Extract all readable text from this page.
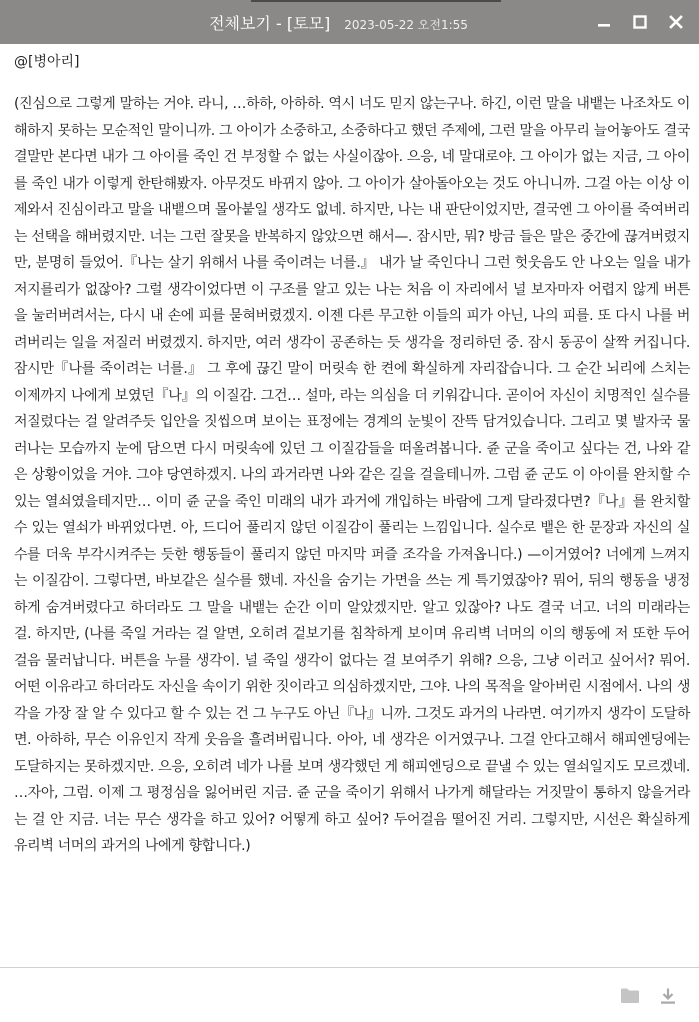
전체보기 - [토모] 2023-05-22 오전1:55

@[병아리]

(진심으로 그렇게 말하는 거야. 라니, …하하, 아하하. 역시 너도 믿지 않는구나. 하긴, 이런 말을 내뱉는 나조차도 이해하지 못하는 모순적인 말이니까. 그 아이가 소중하고, 소중하다고 했던 주제에, 그런 말을 아무리 늘어놓아도 결국 결말만 본다면 내가 그 아이를 죽인 건 부정할 수 없는 사실이잖아. 으응, 네 말대로야. 그 아이가 없는 지금, 그 아이를 죽인 내가 이렇게 한탄해봤자. 아무것도 바뀌지 않아. 그 아이가 살아돌아오는 것도 아니니까. 그걸 아는 이상 이제와서 진심이라고 말을 내뱉으며 몰아붙일 생각도 없네. 하지만, 나는 내 판단이었지만, 결국엔 그 아이를 죽여버리는 선택을 해버렸지만. 너는 그런 잘못을 반복하지 않았으면 해서—. 잠시만, 뭐? 방금 들은 말은 중간에 끊겨버렸지만, 분명히 들었어.『나는 살기 위해서 나를 죽이려는 너를.』 내가 날 죽인다니 그런 헛웃음도 안 나오는 일을 내가 저지를리가 없잖아? 그럴 생각이었다면 이 구조를 알고 있는 나는 처음 이 자리에서 널 보자마자 어렵지 않게 버튼을 눌러버려서는, 다시 내 손에 피를 묻혀버렸겠지. 이젠 다른 무고한 이들의 피가 아닌, 나의 피를. 또 다시 나를 버려버리는 일을 저질러 버렸겠지. 하지만, 여러 생각이 공존하는 듯 생각을 정리하던 중. 잠시 동공이 살짝 커집니다. 잠시만『나를 죽이려는 너를.』 그 후에 끊긴 말이 머릿속 한 켠에 확실하게 자리잡습니다. 그 순간 뇌리에 스치는 이제까지 나에게 보였던『나』의 이질감. 그건… 설마, 라는 의심을 더 키워갑니다. 곧이어 자신이 치명적인 실수를 저질렀다는 걸 알려주듯 입안을 짓씹으며 보이는 표정에는 경계의 눈빛이 잔뜩 담겨있습니다. 그리고 몇 발자국 물러나는 모습까지 눈에 담으면 다시 머릿속에 있던 그 이질감들을 떠올려봅니다. 쥰 군을 죽이고 싶다는 건, 나와 같은 상황이었을 거야. 그야 당연하겠지. 나의 과거라면 나와 같은 길을 걸을테니까. 그럼 쥰 군도 이 아이를 완치할 수 있는 열쇠였을테지만… 이미 쥰 군을 죽인 미래의 내가 과거에 개입하는 바람에 그게 달라졌다면?『나』를 완치할 수 있는 열쇠가 바뀌었다면. 아, 드디어 풀리지 않던 이질감이 풀리는 느낌입니다. 실수로 뱉은 한 문장과 자신의 실수를 더욱 부각시켜주는 듯한 행동들이 풀리지 않던 마지막 퍼즐 조각을 가져옵니다.) —이거였어? 너에게 느껴지는 이질감이. 그렇다면, 바보같은 실수를 했네. 자신을 숨기는 가면을 쓰는 게 특기였잖아? 뭐어, 뒤의 행동을 냉정하게 숨겨버렸다고 하더라도 그 말을 내뱉는 순간 이미 알았겠지만. 알고 있잖아? 나도 결국 너고. 너의 미래라는 걸. 하지만, (나를 죽일 거라는 걸 알면, 오히려 겉보기를 침착하게 보이며 유리벽 너머의 이의 행동에 저 또한 두어걸음 물러납니다. 버튼을 누를 생각이. 널 죽일 생각이 없다는 걸 보여주기 위해? 으응, 그냥 이러고 싶어서? 뭐어. 어떤 이유라고 하더라도 자신을 속이기 위한 짓이라고 의심하겠지만, 그야. 나의 목적을 알아버린 시점에서. 나의 생각을 가장 잘 알 수 있다고 할 수 있는 건 그 누구도 아닌『나』니까. 그것도 과거의 나라면. 여기까지 생각이 도달하면. 아하하, 무슨 이유인지 작게 웃음을 흘려버립니다. 아아, 네 생각은 이거였구나. 그걸 안다고해서 해피엔딩에는 도달하지는 못하겠지만. 으응, 오히려 네가 나를 보며 생각했던 게 해피엔딩으로 끝낼 수 있는 열쇠일지도 모르겠네. …자아, 그럼. 이제 그 평정심을 잃어버린 지금. 쥰 군을 죽이기 위해서 나가게 해달라는 거짓말이 통하지 않을거라는 걸 안 지금. 너는 무슨 생각을 하고 있어? 어떻게 하고 싶어? 두어걸음 떨어진 거리. 그렇지만, 시선은 확실하게 유리벽 너머의 과거의 나에게 향합니다.)
